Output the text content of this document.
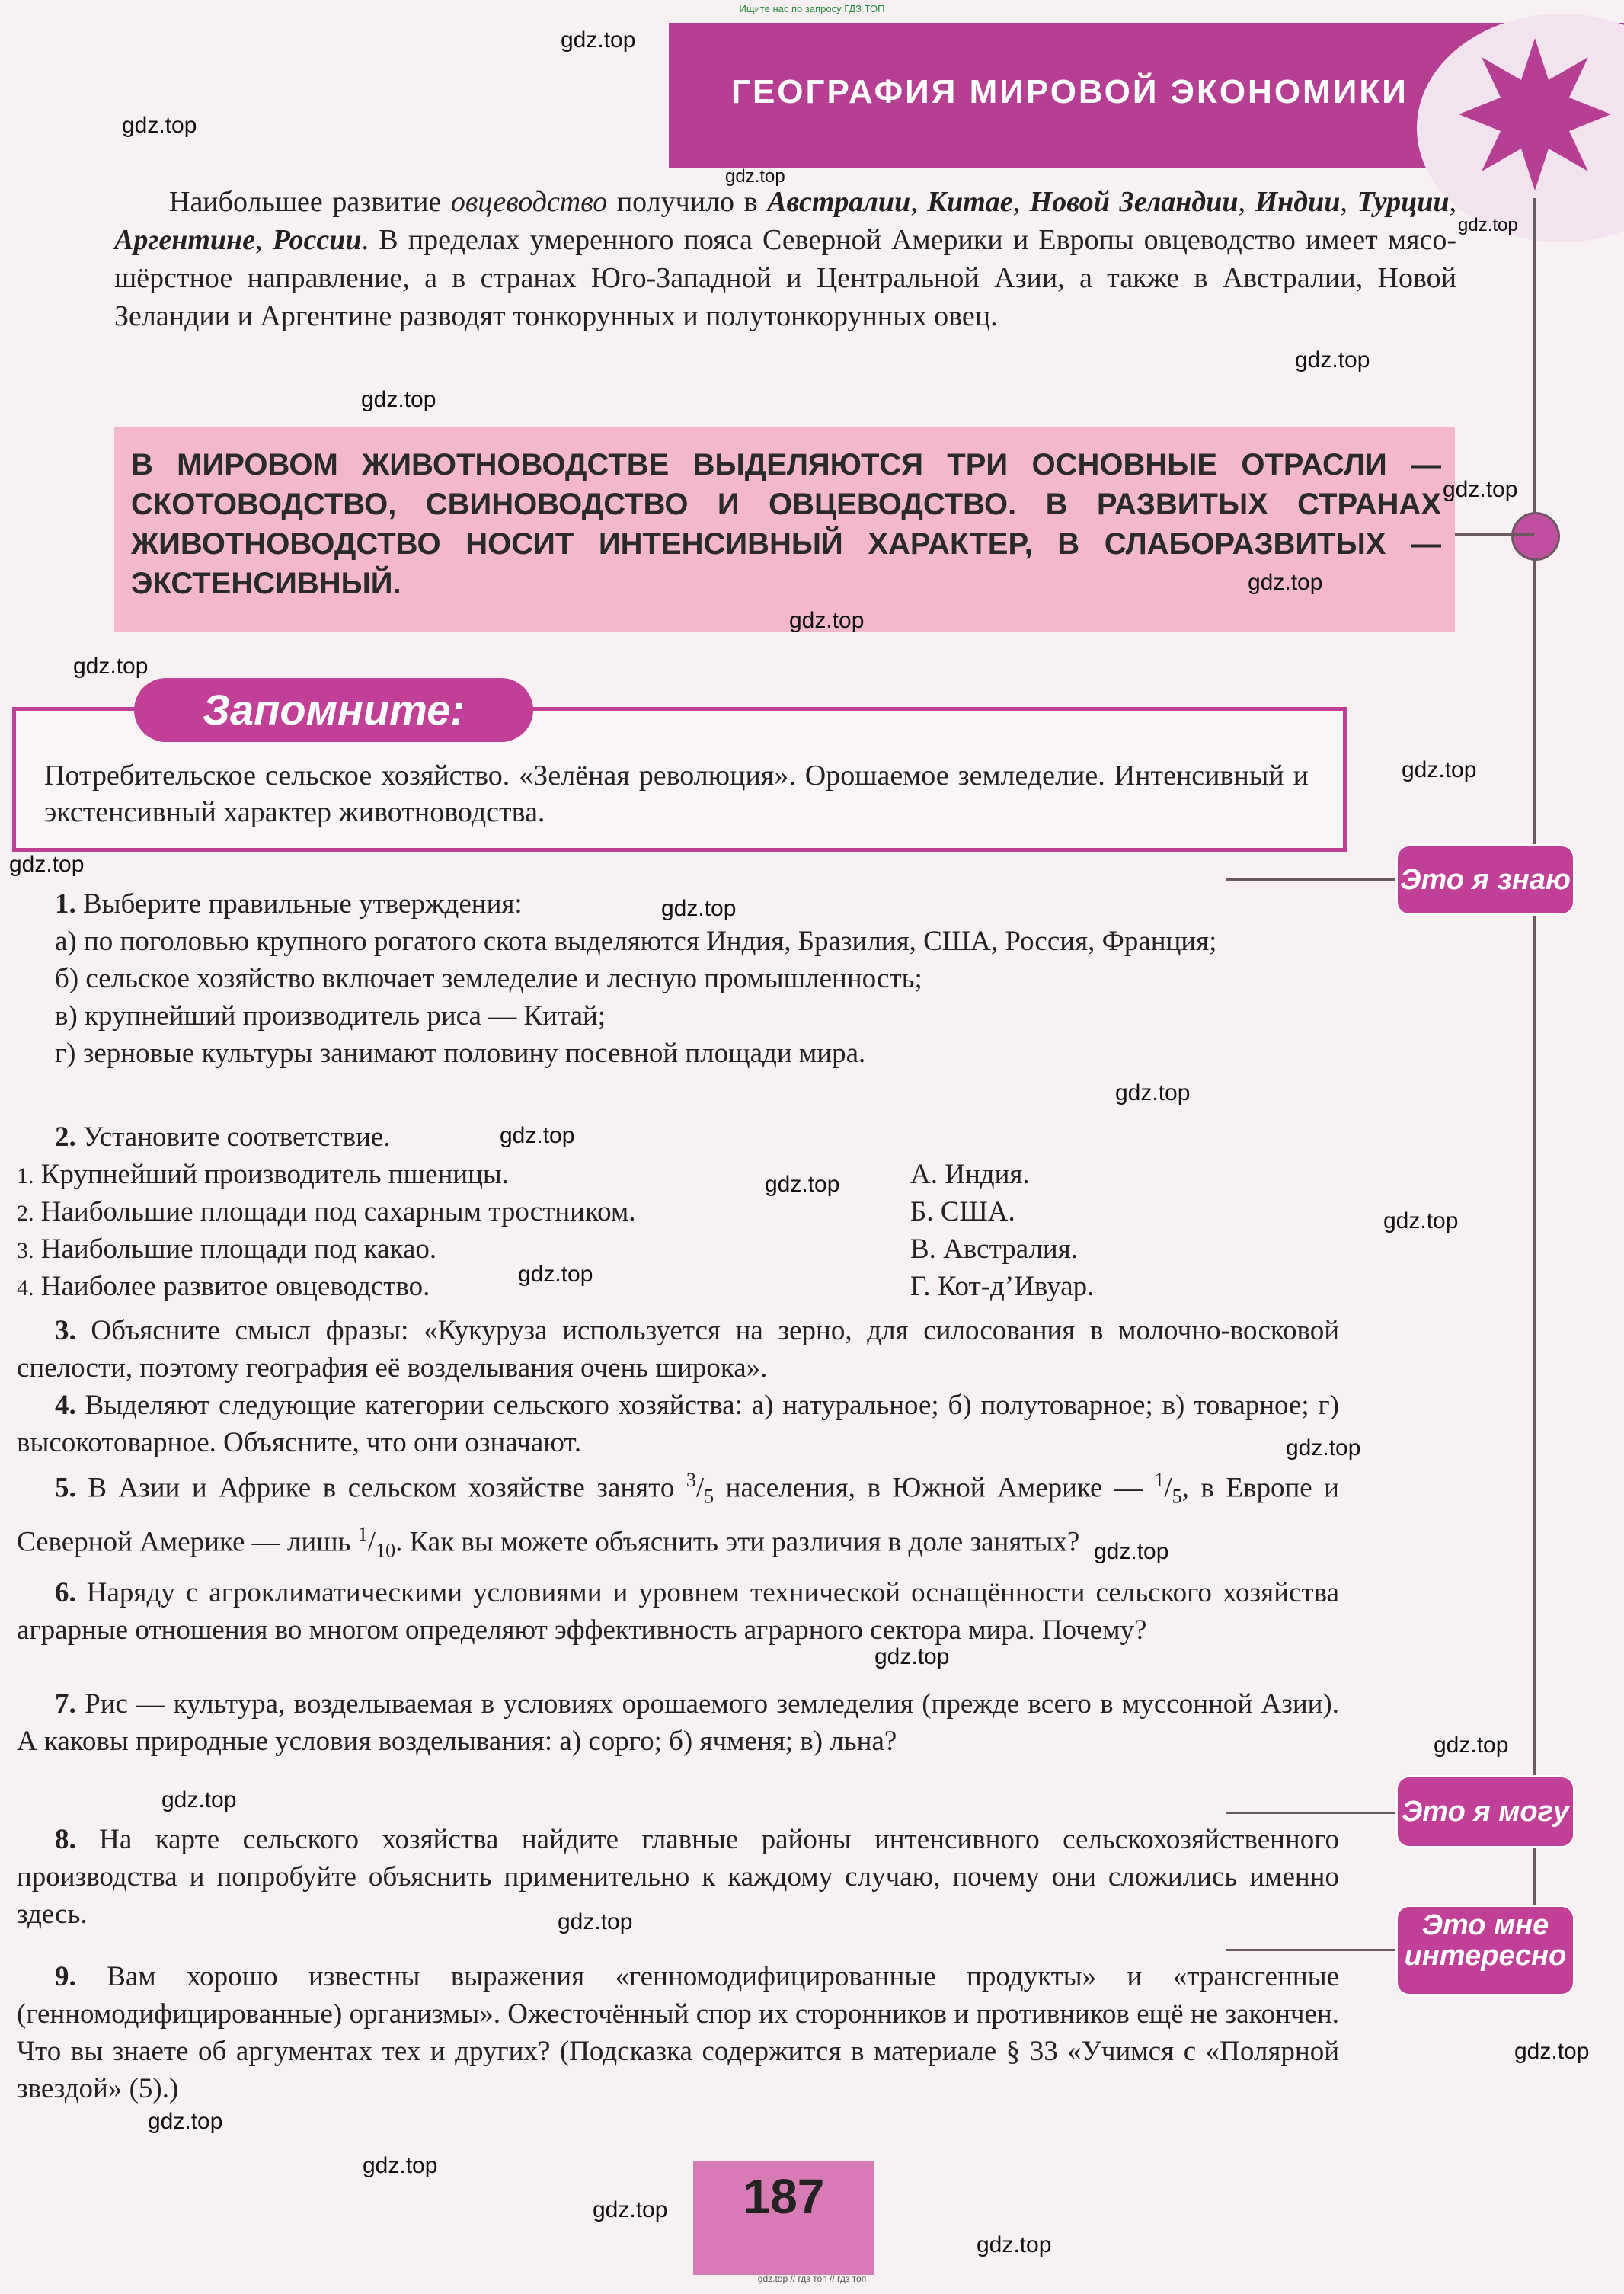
Ищите нас по запросу ГДЗ ТОП
ГЕОГРАФИЯ МИРОВОЙ ЭКОНОМИКИ
Это я знаю
Это я могу
Это мне интересно
Наибольшее развитие овцеводство получило в Австралии, Китае, Новой Зеландии, Индии, Турции, Аргентине, России. В пределах умеренного пояса Северной Америки и Европы овцеводство имеет мясо-шёрстное направление, а в странах Юго-Западной и Центральной Азии, а также в Австралии, Новой Зеландии и Аргентине разводят тонкорунных и полутонкорунных овец.
В МИРОВОМ ЖИВОТНОВОДСТВЕ ВЫДЕЛЯЮТСЯ ТРИ ОСНОВНЫЕ ОТРАСЛИ — СКОТОВОДСТВО, СВИНОВОДСТВО И ОВЦЕВОДСТВО. В РАЗВИТЫХ СТРАНАХ ЖИВОТНОВОДСТВО НОСИТ ИНТЕНСИВНЫЙ ХАРАКТЕР, В СЛАБОРАЗВИТЫХ — ЭКСТЕНСИВНЫЙ.
Запомните:
Потребительское сельское хозяйство. «Зелёная революция». Орошаемое земледелие. Интенсивный и экстенсивный характер животноводства.
1. Выберите правильные утверждения:
а) по поголовью крупного рогатого скота выделяются Индия, Бразилия, США, Россия, Франция;
б) сельское хозяйство включает земледелие и лесную промышленность;
в) крупнейший производитель риса — Китай;
г) зерновые культуры занимают половину посевной площади мира.
2. Установите соответствие.
1. Крупнейший производитель пшеницы.
2. Наибольшие площади под сахарным тростником.
3. Наибольшие площади под какао.
4. Наиболее развитое овцеводство.
А. Индия.
Б. США.
В. Австралия.
Г. Кот-д’Ивуар.
3. Объясните смысл фразы: «Кукуруза используется на зерно, для силосования в молочно-восковой спелости, поэтому география её возделывания очень широка».
4. Выделяют следующие категории сельского хозяйства: а) натуральное; б) полутоварное; в) товарное; г) высокотоварное. Объясните, что они означают.
5. В Азии и Африке в сельском хозяйстве занято $^3/_5$ населения, в Южной Америке — $^1/_5$, в Европе и Северной Америке — лишь $^1/_{10}$. Как вы можете объяснить эти различия в доле занятых?
6. Наряду с агроклиматическими условиями и уровнем технической оснащённости сельского хозяйства аграрные отношения во многом определяют эффективность аграрного сектора мира. Почему?
7. Рис — культура, возделываемая в условиях орошаемого земледелия (прежде всего в муссонной Азии). А каковы природные условия возделывания: а) сорго; б) ячменя; в) льна?
8. На карте сельского хозяйства найдите главные районы интенсивного сельскохозяйственного производства и попробуйте объяснить применительно к каждому случаю, почему они сложились именно здесь.
9. Вам хорошо известны выражения «генномодифицированные продукты» и «трансгенные (генномодифицированные) организмы». Ожесточённый спор их сторонников и противников ещё не закончен. Что вы знаете об аргументах тех и других? (Подсказка содержится в материале § 33 «Учимся с «Полярной звездой» (5).)
187
gdz.top // гдз топ // гдз топ
gdz.top
gdz.top
gdz.top
gdz.top
gdz.top
gdz.top
gdz.top
gdz.top
gdz.top
gdz.top
gdz.top
gdz.top
gdz.top
gdz.top
gdz.top
gdz.top
gdz.top
gdz.top
gdz.top
gdz.top
gdz.top
gdz.top
gdz.top
gdz.top
gdz.top
gdz.top
gdz.top
gdz.top
gdz.top
